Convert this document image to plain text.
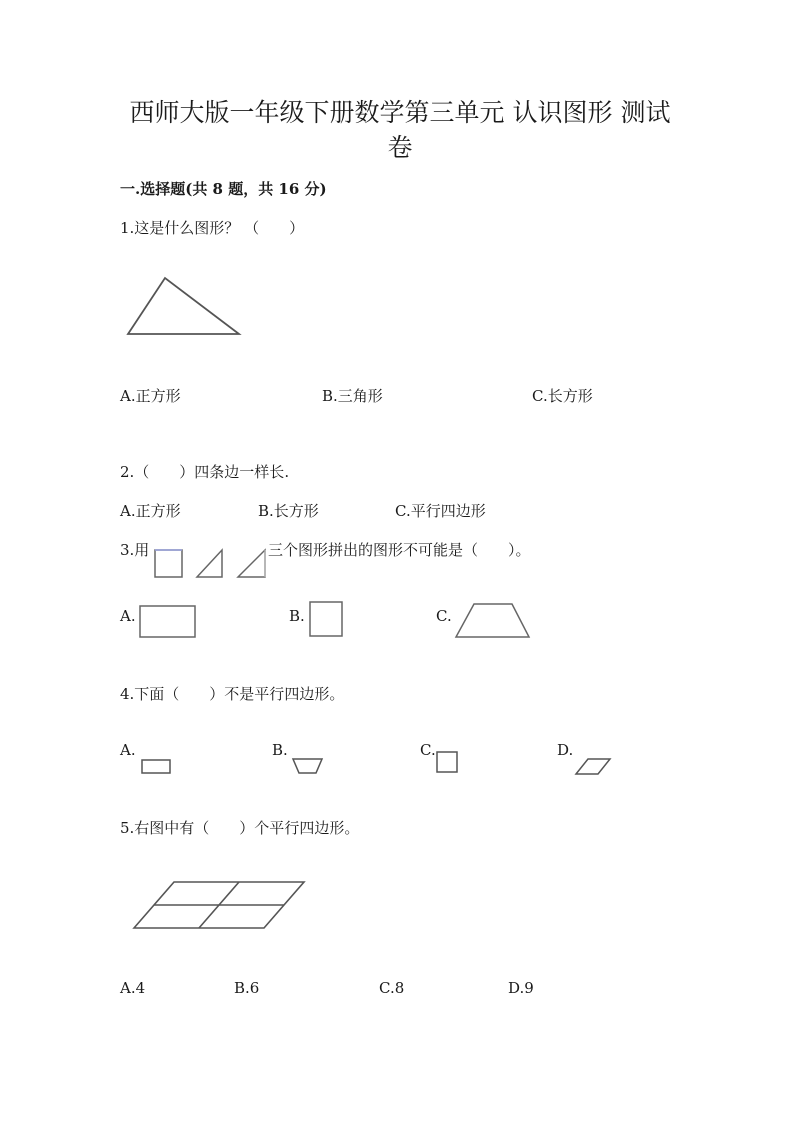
西师大版一年级下册数学第三单元 认识图形 测试
卷
一.选择题(共 8 题，共 16 分)
1.这是什么图形？ （　　）
A.正方形	B.三角形	C.长方形
2.（　　）四条边一样长.
A.正方形	B.长方形	C.平行四边形
3.用	三个图形拼出的图形不可能是（　　）。
A.	B.	C.
4.下面（　　）不是平行四边形。
A.	B.	C.	D.
5.右图中有（　　）个平行四边形。
A.4	B.6	C.8	D.9
